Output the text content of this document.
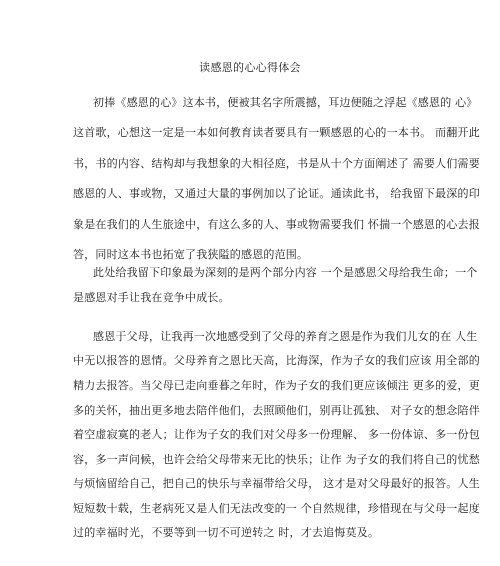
读感恩的心心得体会
初捧《感恩的心》这本书，便被其名字所震撼，耳边便随之浮起《感恩的 心》
这首歌，心想这一定是一本如何教育读者要具有一颗感恩的心的一本书。 而翻开此
书，书的内容、结构却与我想象的大相径庭，书是从十个方面阐述了 需要人们需要
感恩的人、事或物，又通过大量的事例加以了论证。通读此书， 给我留下最深的印
象是在我们的人生旅途中，有这么多的人、事或物需要我们 怀揣一个感恩的心去报
答，同时这本书也拓宽了我狭隘的感恩的范围。
此处给我留下印象最为深刻的是两个部分内容 一个是感恩父母给我生命；一个
是感恩对手让我在竞争中成长。
感恩于父母，让我再一次地感受到了父母的养育之恩是作为我们儿女的在 人生
中无以报答的恩情。父母养育之恩比天高，比海深，作为子女的我们应该 用全部的
精力去报答。当父母已走向垂暮之年时，作为子女的我们更应该倾注 更多的爱，更
多的关怀，抽出更多地去陪伴他们，去照顾他们，别再让孤独、 对子女的想念陪伴
着空虚寂寞的老人；让作为子女的我们对父母多一份理解、 多一份体谅、多一份包
容，多一声问候，也许会给父母带来无比的快乐；让作 为子女的我们将自己的忧愁
与烦恼留给自己，把自己的快乐与幸福带给父母， 这才是对父母最好的报答。人生
短短数十载，生老病死又是人们无法改变的一 个自然规律，珍惜现在与父母一起度
过的幸福时光，不要等到一切不可逆转之 时，才去追悔莫及。
